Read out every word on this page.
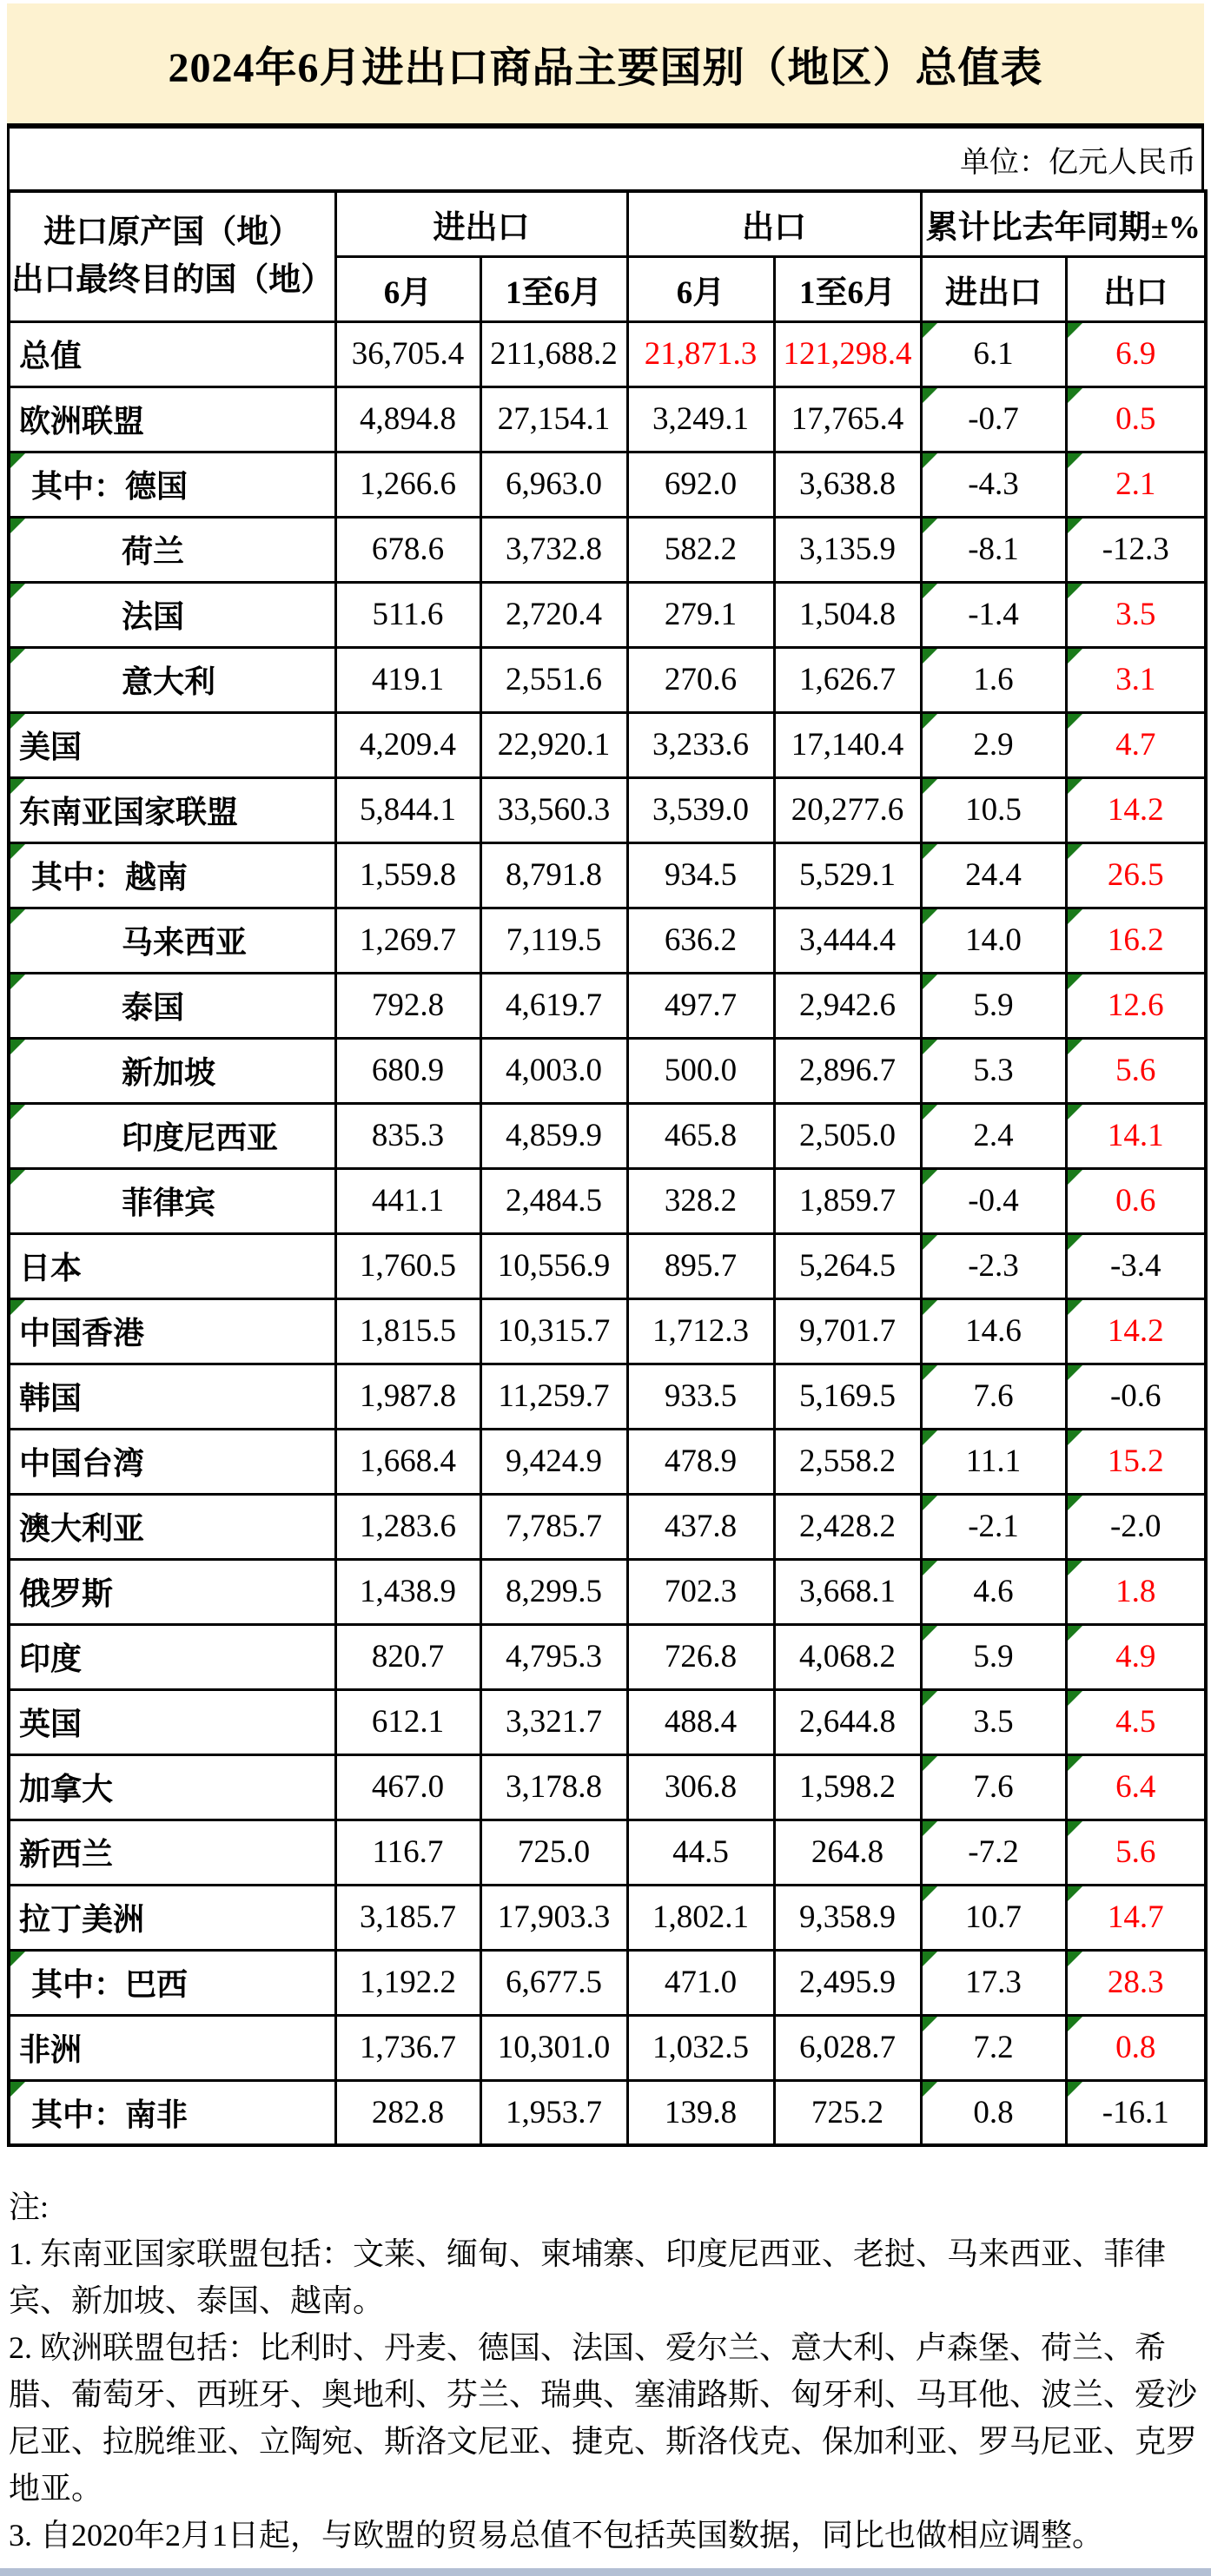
2024年6月进出口商品主要国别（地区）总值表
单位：亿元人民币
进口原产国（地）
出口最终目的国（地）	进出口		出口		累计比去年同期±%	
	6月	1至6月	6月	1至6月	进出口	出口
总值	36,705.4	211,688.2	21,871.3	121,298.4	6.1	6.9
欧洲联盟	4,894.8	27,154.1	3,249.1	17,765.4	-0.7	0.5

其中：德国	1,266.6	6,963.0	692.0	3,638.8	-4.3	2.1

荷兰	678.6	3,732.8	582.2	3,135.9	-8.1	-12.3

法国	511.6	2,720.4	279.1	1,504.8	-1.4	3.5

意大利	419.1	2,551.6	270.6	1,626.7	1.6	3.1

美国	4,209.4	22,920.1	3,233.6	17,140.4	2.9	4.7

东南亚国家联盟	5,844.1	33,560.3	3,539.0	20,277.6	10.5	14.2

其中：越南	1,559.8	8,791.8	934.5	5,529.1	24.4	26.5

马来西亚	1,269.7	7,119.5	636.2	3,444.4	14.0	16.2

泰国	792.8	4,619.7	497.7	2,942.6	5.9	12.6

新加坡	680.9	4,003.0	500.0	2,896.7	5.3	5.6

印度尼西亚	835.3	4,859.9	465.8	2,505.0	2.4	14.1

菲律宾	441.1	2,484.5	328.2	1,859.7	-0.4	0.6
日本	1,760.5	10,556.9	895.7	5,264.5	-2.3	-3.4

中国香港	1,815.5	10,315.7	1,712.3	9,701.7	14.6	14.2
韩国	1,987.8	11,259.7	933.5	5,169.5	7.6	-0.6
中国台湾	1,668.4	9,424.9	478.9	2,558.2	11.1	15.2
澳大利亚	1,283.6	7,785.7	437.8	2,428.2	-2.1	-2.0
俄罗斯	1,438.9	8,299.5	702.3	3,668.1	4.6	1.8
印度	820.7	4,795.3	726.8	4,068.2	5.9	4.9
英国	612.1	3,321.7	488.4	2,644.8	3.5	4.5
加拿大	467.0	3,178.8	306.8	1,598.2	7.6	6.4
新西兰	116.7	725.0	44.5	264.8	-7.2	5.6
拉丁美洲	3,185.7	17,903.3	1,802.1	9,358.9	10.7	14.7

其中：巴西	1,192.2	6,677.5	471.0	2,495.9	17.3	28.3
非洲	1,736.7	10,301.0	1,032.5	6,028.7	7.2	0.8

其中：南非	282.8	1,953.7	139.8	725.2	0.8	-16.1
注:
1. 东南亚国家联盟包括：文莱、缅甸、柬埔寨、印度尼西亚、老挝、马来西亚、菲律宾、新加坡、泰国、越南。
2. 欧洲联盟包括：比利时、丹麦、德国、法国、爱尔兰、意大利、卢森堡、荷兰、希腊、葡萄牙、西班牙、奥地利、芬兰、瑞典、塞浦路斯、匈牙利、马耳他、波兰、爱沙尼亚、拉脱维亚、立陶宛、斯洛文尼亚、捷克、斯洛伐克、保加利亚、罗马尼亚、克罗地亚。
3. 自2020年2月1日起，与欧盟的贸易总值不包括英国数据，同比也做相应调整。
